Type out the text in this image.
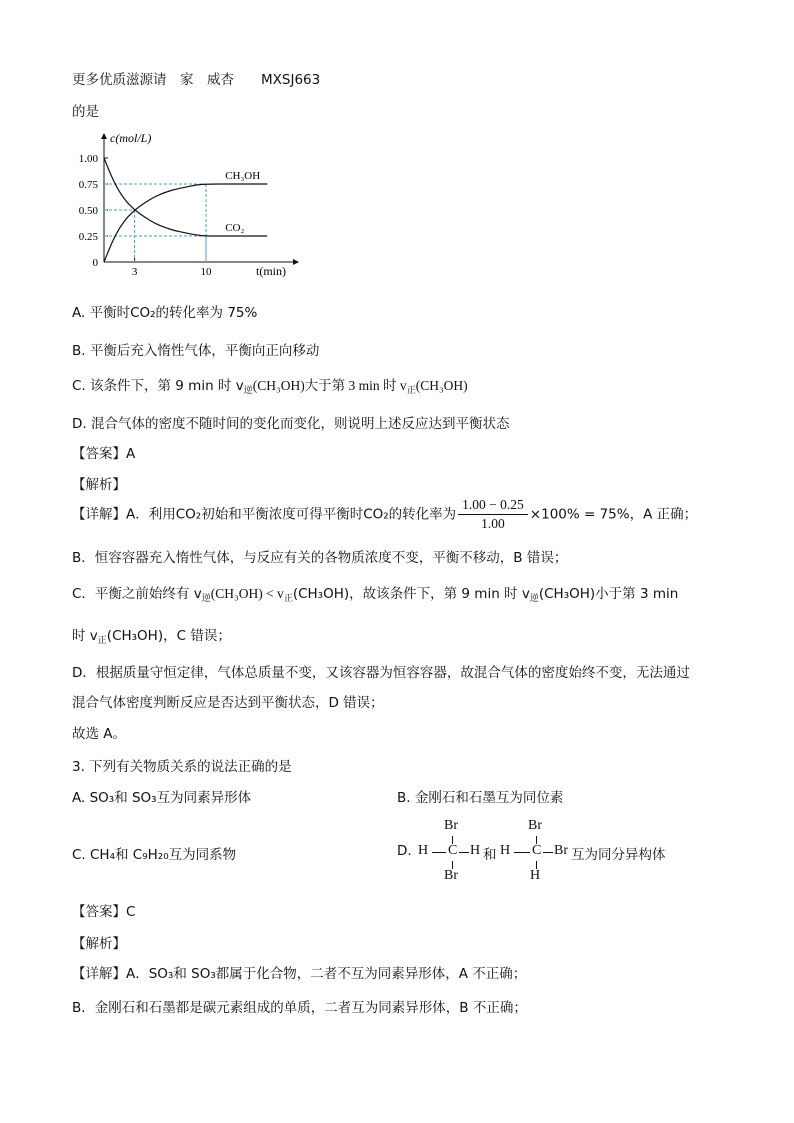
更多优质滋源请　家　威杏　　MXSJ663
的是
c(mol/L)
t(min)
1.00
0.75
0.50
0.25
0
3	10
CH₃OH
CO₂
A. 平衡时CO₂的转化率为 75%
B. 平衡后充入惰性气体，平衡向正向移动
C. 该条件下，第 9 min 时 $v_逆(CH_3OH)$大于第 3 min 时 $v_正(CH_3OH)$
D. 混合气体的密度不随时间的变化而变化，则说明上述反应达到平衡状态
【答案】A
【解析】
【详解】A．利用CO₂初始和平衡浓度可得平衡时CO₂的转化率为 $\frac{1.00 - 0.25}{1.00} \times 100\% = 75\%$，A 正确；
B．恒容容器充入惰性气体，与反应有关的各物质浓度不变，平衡不移动，B 错误；
C．平衡之前始终有 $v_逆(CH_3OH) < v_正(CH_3OH)$，故该条件下，第 9 min 时 $v_逆(CH_3OH)$小于第 3 min
时 $v_正(CH_3OH)$，C 错误；
D．根据质量守恒定律，气体总质量不变，又该容器为恒容容器，故混合气体的密度始终不变，无法通过
混合气体密度判断反应是否达到平衡状态，D 错误；
故选 A。
3. 下列有关物质关系的说法正确的是
A. SO₃和 SO₃互为同素异形体	B. 金刚石和石墨互为同位素
C. CH₄和 C₉H₂₀互为同系物	D.
Br
H C H
Br
和
Br
H C Br
H
互为同分异构体
【答案】C
【解析】
【详解】A．SO₃和 SO₃都属于化合物，二者不互为同素异形体，A 不正确；
B．金刚石和石墨都是碳元素组成的单质，二者互为同素异形体，B 不正确；
